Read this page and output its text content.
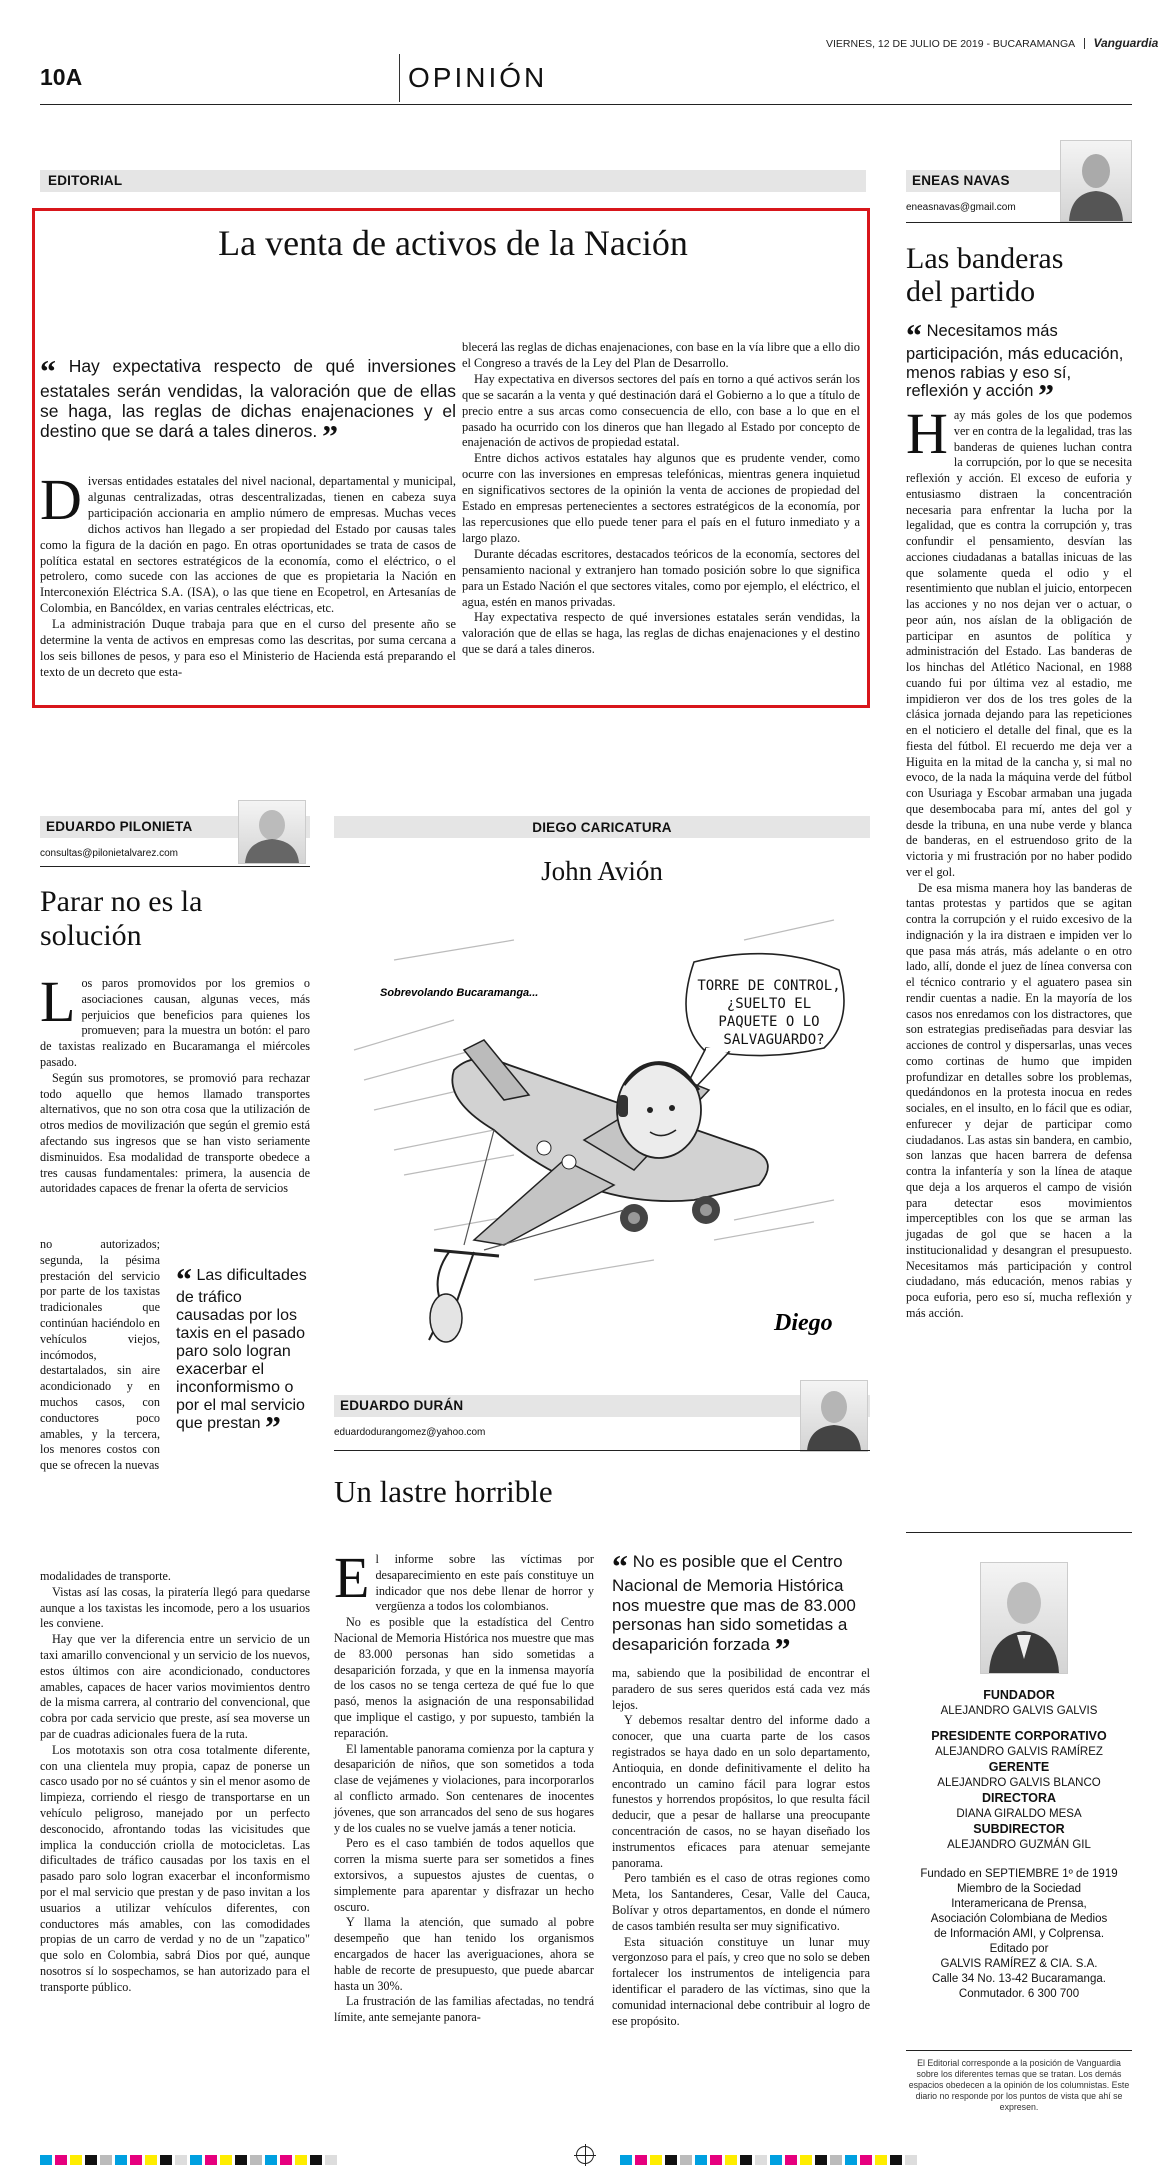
VIERNES, 12 DE JULIO DE 2019 - BUCARAMANGA Vanguardia
10A	OPINIÓN
EDITORIAL
La venta de activos de la Nación
“ Hay expectativa respecto de qué inversiones estatales serán vendidas, la valoración que de ellas se haga, las reglas de dichas enajenaciones y el destino que se dará a tales dineros. ”

Diversas entidades estatales del nivel nacional, departamental y municipal, algunas centralizadas, otras descentralizadas, tienen en cabeza suya participación accionaria en amplio número de empresas. Muchas veces dichos activos han llegado a ser propiedad del Estado por causas tales como la figura de la dación en pago. En otras oportunidades se trata de casos de política estatal en sectores estratégicos de la economía, como el eléctrico, o el petrolero, como sucede con las acciones de que es propietaria la Nación en Interconexión Eléctrica S.A. (ISA), o las que tiene en Ecopetrol, en Artesanías de Colombia, en Bancóldex, en varias centrales eléctricas, etc.

La administración Duque trabaja para que en el curso del presente año se determine la venta de activos en empresas como las descritas, por suma cercana a los seis billones de pesos, y para eso el Ministerio de Hacienda está preparando el texto de un decreto que esta-

blecerá las reglas de dichas enajenaciones, con base en la vía libre que a ello dio el Congreso a través de la Ley del Plan de Desarrollo.

Hay expectativa en diversos sectores del país en torno a qué activos serán los que se sacarán a la venta y qué destinación dará el Gobierno a lo que a título de precio entre a sus arcas como consecuencia de ello, con base a lo que en el pasado ha ocurrido con los dineros que han llegado al Estado por concepto de enajenación de activos de propiedad estatal.

Entre dichos activos estatales hay algunos que es prudente vender, como ocurre con las inversiones en empresas telefónicas, mientras genera inquietud en significativos sectores de la opinión la venta de acciones de propiedad del Estado en empresas pertenecientes a sectores estratégicos de la economía, por las repercusiones que ello puede tener para el país en el futuro inmediato y a largo plazo.

Durante décadas escritores, destacados teóricos de la economía, sectores del pensamiento nacional y extranjero han tomado posición sobre lo que significa para un Estado Nación el que sectores vitales, como por ejemplo, el eléctrico, el agua, estén en manos privadas.

Hay expectativa respecto de qué inversiones estatales serán vendidas, la valoración que de ellas se haga, las reglas de dichas enajenaciones y el destino que se dará a tales dineros.

ENEAS NAVAS
eneasnavas@gmail.com
Las banderas
del partido
“ Necesitamos más participación, más educación, menos rabias y eso sí, reflexión y acción ”

Hay más goles de los que podemos ver en contra de la legalidad, tras las banderas de quienes luchan contra la corrupción, por lo que se necesita reflexión y acción. El exceso de euforia y entusiasmo distraen la concentración necesaria para enfrentar la lucha por la legalidad, que es contra la corrupción y, tras confundir el pensamiento, desvían las acciones ciudadanas a batallas inicuas de las que solamente queda el odio y el resentimiento que nublan el juicio, entorpecen las acciones y no nos dejan ver o actuar, o peor aún, nos aíslan de la obligación de participar en asuntos de política y administración del Estado. Las banderas de los hinchas del Atlético Nacional, en 1988 cuando fui por última vez al estadio, me impidieron ver dos de los tres goles de la clásica jornada dejando para las repeticiones en el noticiero el detalle del final, que es la fiesta del fútbol. El recuerdo me deja ver a Higuita en la mitad de la cancha y, si mal no evoco, de la nada la máquina verde del fútbol con Usuriaga y Escobar armaban una jugada que desembocaba para mí, antes del gol y desde la tribuna, en una nube verde y blanca de banderas, en el estruendoso grito de la victoria y mi frustración por no haber podido ver el gol.

De esa misma manera hoy las banderas de tantas protestas y partidos que se agitan contra la corrupción y el ruido excesivo de la indignación y la ira distraen e impiden ver lo que pasa más atrás, más adelante o en otro lado, allí, donde el juez de línea conversa con el técnico contrario y el aguatero pasea sin rendir cuentas a nadie. En la mayoría de los casos nos enredamos con los distractores, que son estrategias prediseñadas para desviar las acciones de control y dispersarlas, unas veces como cortinas de humo que impiden profundizar en detalles sobre los problemas, quedándonos en la protesta inocua en redes sociales, en el insulto, en lo fácil que es odiar, enfurecer y dejar de participar como ciudadanos. Las astas sin bandera, en cambio, son lanzas que hacen barrera de defensa contra la infantería y son la línea de ataque que deja a los arqueros el campo de visión para detectar esos movimientos imperceptibles con los que se arman las jugadas de gol que se hacen a la institucionalidad y desangran el presupuesto. Necesitamos más participación y control ciudadano, más educación, menos rabias y poca euforia, pero eso sí, mucha reflexión y más acción.

EDUARDO PILONIETA
consultas@pilonietalvarez.com
Parar no es la
solución

Los paros promovidos por los gremios o asociaciones causan, algunas veces, más perjuicios que beneficios para quienes los promueven; para la muestra un botón: el paro de taxistas realizado en Bucaramanga el miércoles pasado.

Según sus promotores, se promovió para rechazar todo aquello que hemos llamado transportes alternativos, que no son otra cosa que la utilización de otros medios de movilización que según el gremio está afectando sus ingresos que se han visto seriamente disminuidos. Esa modalidad de transporte obedece a tres causas fundamentales: primera, la ausencia de autoridades capaces de frenar la oferta de servicios

no autorizados; segunda, la pésima prestación del servicio por parte de los taxistas tradicionales que continúan haciéndolo en vehículos viejos, incómodos, destartalados, sin aire acondicionado y en muchos casos, con conductores poco amables, y la tercera, los menores costos con que se ofrecen la nuevas

“ Las dificultades de tráfico causadas por los taxis en el pasado paro solo logran exacerbar el inconformismo o por el mal servicio que prestan ”

modalidades de transporte.

Vistas así las cosas, la piratería llegó para quedarse aunque a los taxistas les incomode, pero a los usuarios les conviene.

Hay que ver la diferencia entre un servicio de un taxi amarillo convencional y un servicio de los nuevos, estos últimos con aire acondicionado, conductores amables, capaces de hacer varios movimientos dentro de la misma carrera, al contrario del convencional, que cobra por cada servicio que preste, así sea moverse un par de cuadras adicionales fuera de la ruta.

Los mototaxis son otra cosa totalmente diferente, con una clientela muy propia, capaz de ponerse un casco usado por no sé cuántos y sin el menor asomo de limpieza, corriendo el riesgo de transportarse en un vehículo peligroso, manejado por un perfecto desconocido, afrontando todas las vicisitudes que implica la conducción criolla de motocicletas. Las dificultades de tráfico causadas por los taxis en el pasado paro solo logran exacerbar el inconformismo por el mal servicio que prestan y de paso invitan a los usuarios a utilizar vehículos diferentes, con conductores más amables, con las comodidades propias de un carro de verdad y no de un "zapatico" que solo en Colombia, sabrá Dios por qué, aunque nosotros sí lo sospechamos, se han autorizado para el transporte público.

DIEGO CARICATURA
John Avión
Sobrevolando Bucaramanga...	TORRE DE CONTROL,
¿SUELTO EL
PAQUETE O LO
SALVAGUARDO?
Diego
EDUARDO DURÁN
eduardodurangomez@yahoo.com
Un lastre horrible

El informe sobre las víctimas por desaparecimiento en este país constituye un indicador que nos debe llenar de horror y vergüenza a todos los colombianos.

No es posible que la estadística del Centro Nacional de Memoria Histórica nos muestre que mas de 83.000 personas han sido sometidas a desaparición forzada, y que en la inmensa mayoría de los casos no se tenga certeza de qué fue lo que pasó, menos la asignación de una responsabilidad que implique el castigo, y por supuesto, también la reparación.

El lamentable panorama comienza por la captura y desaparición de niños, que son sometidos a toda clase de vejámenes y violaciones, para incorporarlos al conflicto armado. Son centenares de inocentes jóvenes, que son arrancados del seno de sus hogares y de los cuales no se vuelve jamás a tener noticia.

Pero es el caso también de todos aquellos que corren la misma suerte para ser sometidos a fines extorsivos, a supuestos ajustes de cuentas, o simplemente para aparentar y disfrazar un hecho oscuro.

Y llama la atención, que sumado al pobre desempeño que han tenido los organismos encargados de hacer las averiguaciones, ahora se hable de recorte de presupuesto, que puede abarcar hasta un 30%.

La frustración de las familias afectadas, no tendrá límite, ante semejante panora-

“ No es posible que el Centro Nacional de Memoria Histórica nos muestre que mas de 83.000 personas han sido sometidas a desaparición forzada ”

ma, sabiendo que la posibilidad de encontrar el paradero de sus seres queridos está cada vez más lejos.

Y debemos resaltar dentro del informe dado a conocer, que una cuarta parte de los casos registrados se haya dado en un solo departamento, Antioquia, en donde definitivamente el delito ha encontrado un camino fácil para lograr estos funestos y horrendos propósitos, lo que resulta fácil deducir, que a pesar de hallarse una preocupante concentración de casos, no se hayan diseñado los instrumentos eficaces para atenuar semejante panorama.

Pero también es el caso de otras regiones como Meta, los Santanderes, Cesar, Valle del Cauca, Bolívar y otros departamentos, en donde el número de casos también resulta ser muy significativo.

Esta situación constituye un lunar muy vergonzoso para el país, y creo que no solo se deben fortalecer los instrumentos de inteligencia para identificar el paradero de las víctimas, sino que la comunidad internacional debe contribuir al logro de ese propósito.

FUNDADOR
ALEJANDRO GALVIS GALVIS
PRESIDENTE CORPORATIVO
ALEJANDRO GALVIS RAMÍREZ
GERENTE
ALEJANDRO GALVIS BLANCO
DIRECTORA
DIANA GIRALDO MESA
SUBDIRECTOR
ALEJANDRO GUZMÁN GIL
Fundado en SEPTIEMBRE 1º de 1919
Miembro de la Sociedad
Interamericana de Prensa,
Asociación Colombiana de Medios
de Información AMI, y Colprensa.
Editado por
GALVIS RAMÍREZ & CIA. S.A.
Calle 34 No. 13-42 Bucaramanga.
Conmutador. 6 300 700
El Editorial corresponde a la posición de Vanguardia sobre los diferentes temas que se tratan. Los demás espacios obedecen a la opinión de los columnistas. Este diario no responde por los puntos de vista que ahí se expresen.
